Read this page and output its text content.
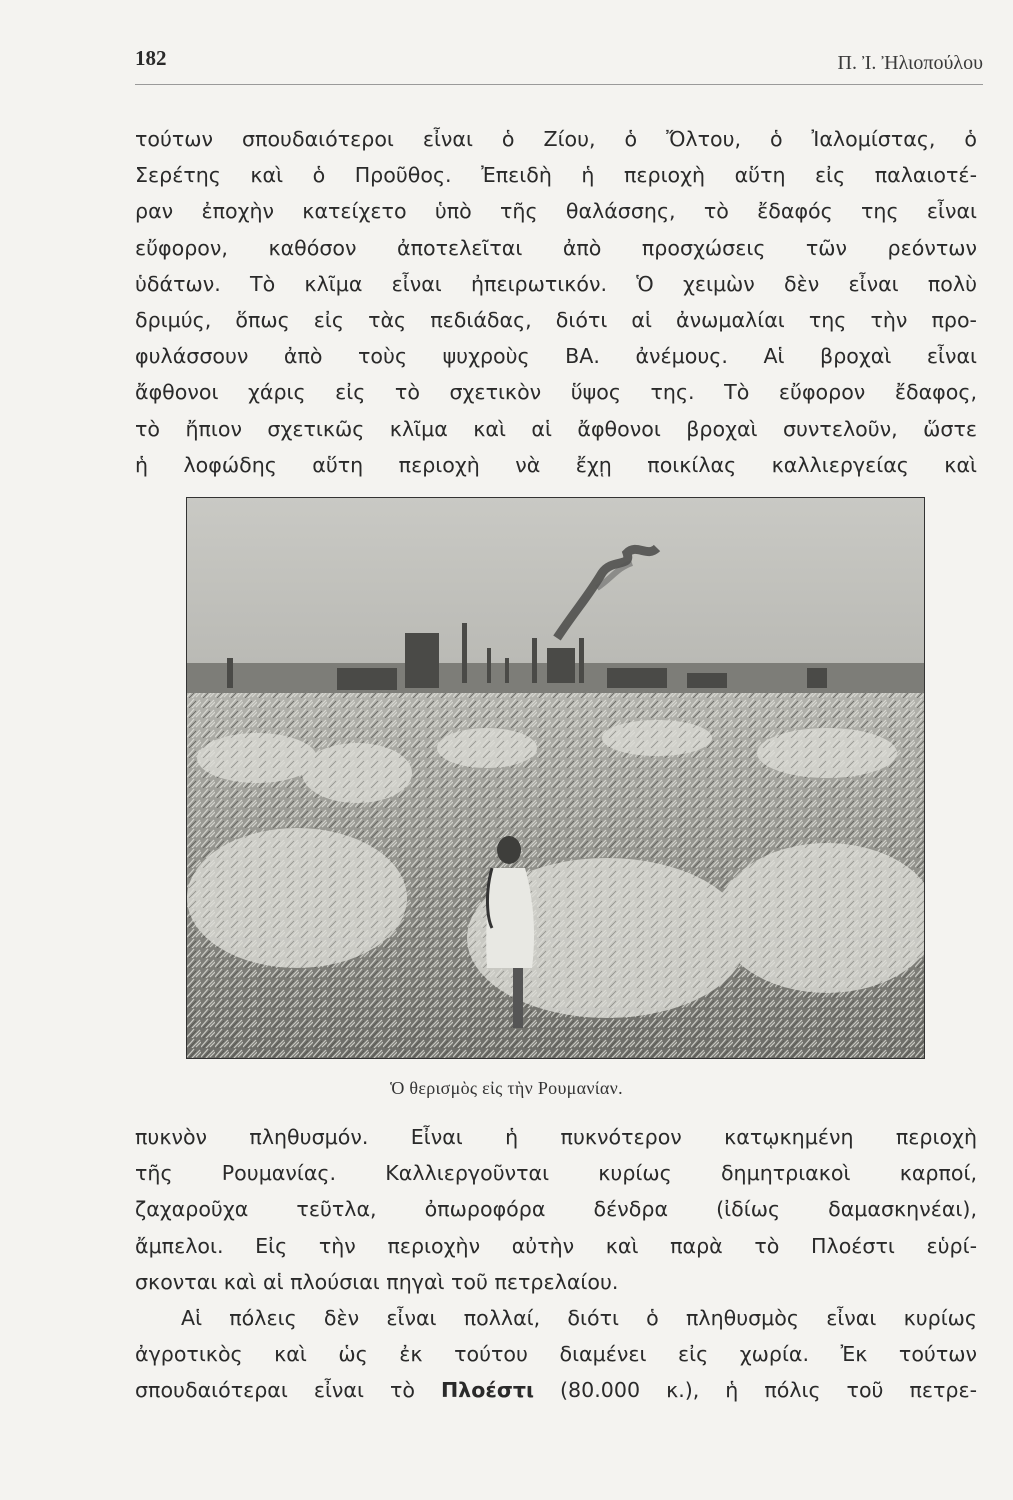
182	Π. Ἰ. Ἠλιοπούλου
τούτων σπουδαιότεροι εἶναι ὁ Ζίου, ὁ Ὄλτου, ὁ Ἰαλομίστας, ὁ
Σερέτης καὶ ὁ Προῦθος. Ἐπειδὴ ἡ περιοχὴ αὕτη εἰς παλαιοτέ-
ραν ἐποχὴν κατείχετο ὑπὸ τῆς θαλάσσης, τὸ ἔδαφός της εἶναι
εὔφορον, καθόσον ἀποτελεῖται ἀπὸ προσχώσεις τῶν ρεόντων
ὑδάτων. Τὸ κλῖμα εἶναι ἠπειρωτικόν. Ὁ χειμὼν δὲν εἶναι πολὺ
δριμύς, ὅπως εἰς τὰς πεδιάδας, διότι αἱ ἀνωμαλίαι της τὴν προ-
φυλάσσουν ἀπὸ τοὺς ψυχροὺς ΒΑ. ἀνέμους. Αἱ βροχαὶ εἶναι
ἄφθονοι χάρις εἰς τὸ σχετικὸν ὕψος της. Τὸ εὔφορον ἔδαφος,
τὸ ἤπιον σχετικῶς κλῖμα καὶ αἱ ἄφθονοι βροχαὶ συντελοῦν, ὥστε
ἡ λοφώδης αὕτη περιοχὴ νὰ ἔχῃ ποικίλας καλλιεργείας καὶ
Ὁ θερισμὸς εἰς τὴν Ρουμανίαν.
πυκνὸν πληθυσμόν. Εἶναι ἡ πυκνότερον κατῳκημένη περιοχὴ
τῆς Ρουμανίας. Καλλιεργοῦνται κυρίως δημητριακοὶ καρποί,
ζαχαροῦχα τεῦτλα, ὀπωροφόρα δένδρα (ἰδίως δαμασκηνέαι),
ἄμπελοι. Εἰς τὴν περιοχὴν αὐτὴν καὶ παρὰ τὸ Πλοέστι εὑρί-
σκονται καὶ αἱ πλούσιαι πηγαὶ τοῦ πετρελαίου.
Αἱ πόλεις δὲν εἶναι πολλαί, διότι ὁ πληθυσμὸς εἶναι κυρίως
ἀγροτικὸς καὶ ὡς ἐκ τούτου διαμένει εἰς χωρία. Ἐκ τούτων
σπουδαιότεραι εἶναι τὸ Πλοέστι (80.000 κ.), ἡ πόλις τοῦ πετρε-
